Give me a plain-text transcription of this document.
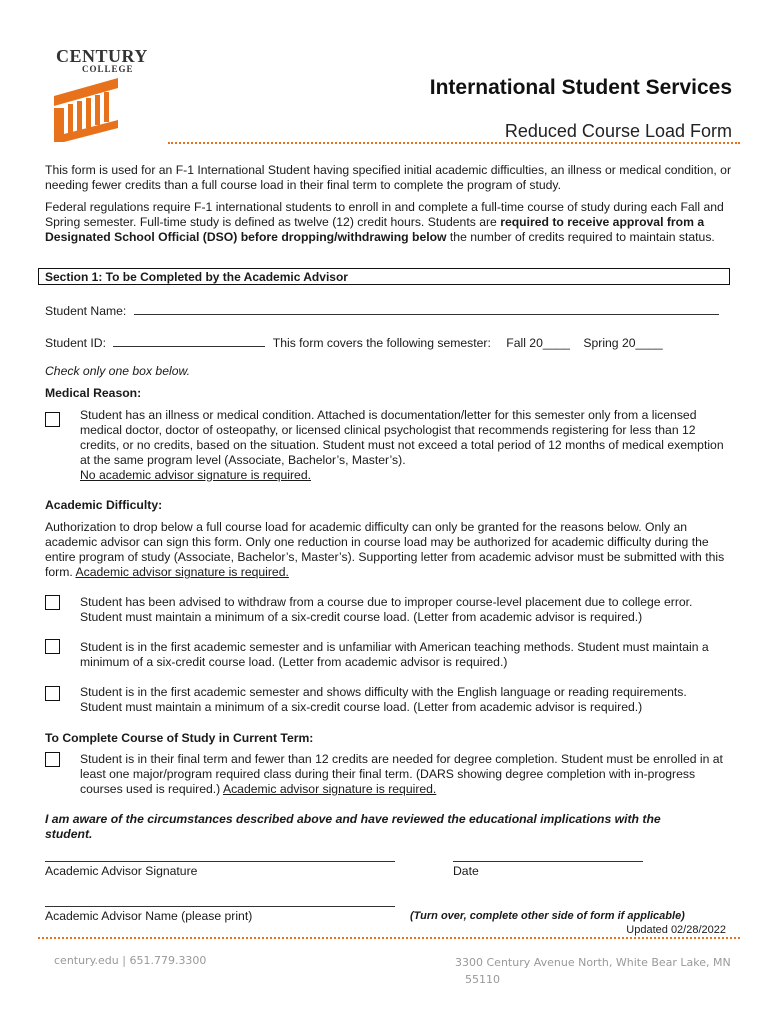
CENTURY
COLLEGE
International Student Services
Reduced Course Load Form
This form is used for an F-1 International Student having specified initial academic difficulties, an illness or medical condition, or needing fewer credits than a full course load in their final term to complete the program of study.
Federal regulations require F-1 international students to enroll in and complete a full-time course of study during each Fall and Spring semester. Full-time study is defined as twelve (12) credit hours. Students are required to receive approval from a Designated School Official (DSO) before dropping/withdrawing below the number of credits required to maintain status.
Section 1: To be Completed by the Academic Advisor
Student Name:
Student ID:	This form covers the following semester: Fall 20____ Spring 20____
Check only one box below.
Medical Reason:
Student has an illness or medical condition. Attached is documentation/letter for this semester only from a licensed medical doctor, doctor of osteopathy, or licensed clinical psychologist that recommends registering for less than 12 credits, or no credits, based on the situation. Student must not exceed a total period of 12 months of medical exemption at the same program level (Associate, Bachelor’s, Master’s).
No academic advisor signature is required.
Academic Difficulty:
Authorization to drop below a full course load for academic difficulty can only be granted for the reasons below. Only an academic advisor can sign this form. Only one reduction in course load may be authorized for academic difficulty during the entire program of study (Associate, Bachelor’s, Master’s). Supporting letter from academic advisor must be submitted with this form. Academic advisor signature is required.
Student has been advised to withdraw from a course due to improper course-level placement due to college error. Student must maintain a minimum of a six-credit course load. (Letter from academic advisor is required.)
Student is in the first academic semester and is unfamiliar with American teaching methods. Student must maintain a minimum of a six-credit course load. (Letter from academic advisor is required.)
Student is in the first academic semester and shows difficulty with the English language or reading requirements. Student must maintain a minimum of a six-credit course load. (Letter from academic advisor is required.)
To Complete Course of Study in Current Term:
Student is in their final term and fewer than 12 credits are needed for degree completion. Student must be enrolled in at least one major/program required class during their final term. (DARS showing degree completion with in-progress courses used is required.) Academic advisor signature is required.
I am aware of the circumstances described above and have reviewed the educational implications with the student.
Academic Advisor Signature	Date
Academic Advisor Name (please print)	(Turn over, complete other side of form if applicable)
Updated 02/28/2022
century.edu | 651.779.3300	3300 Century Avenue North, White Bear Lake, MN
55110
